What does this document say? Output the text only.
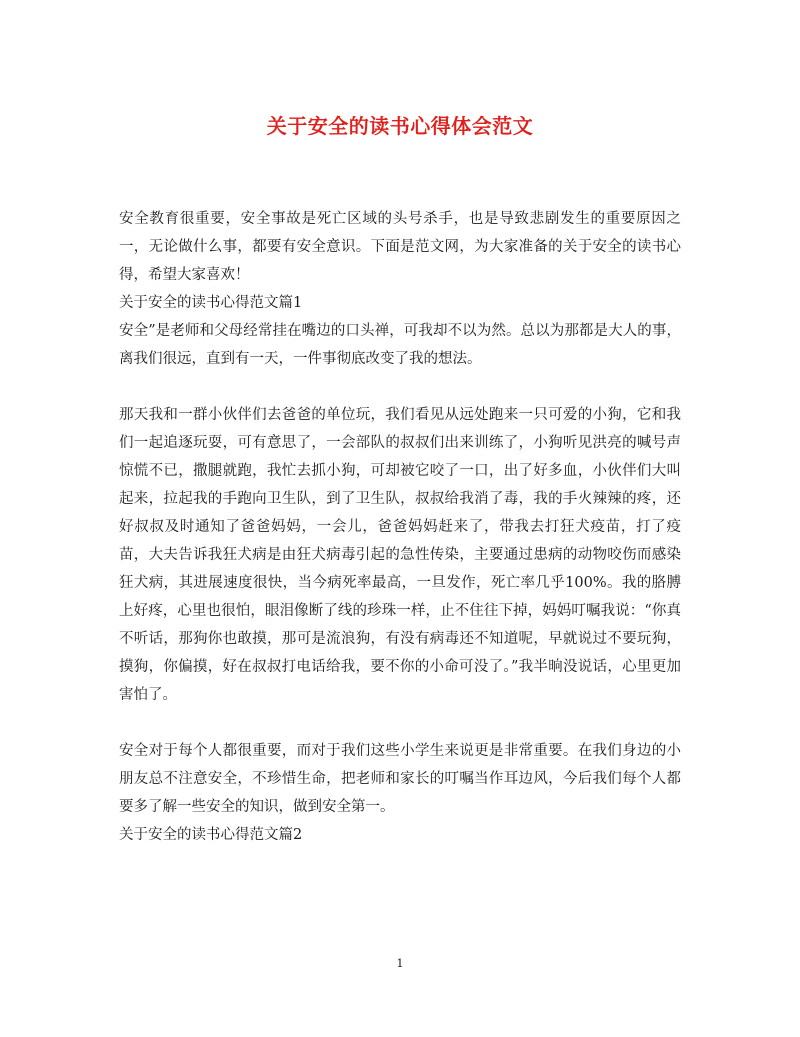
关于安全的读书心得体会范文

安全教育很重要，安全事故是死亡区域的头号杀手，也是导致悲剧发生的重要原因之一，无论做什么事，都要有安全意识。下面是范文网，为大家准备的关于安全的读书心得，希望大家喜欢！

关于安全的读书心得范文篇1

安全”是老师和父母经常挂在嘴边的口头禅，可我却不以为然。总以为那都是大人的事，离我们很远，直到有一天，一件事彻底改变了我的想法。

那天我和一群小伙伴们去爸爸的单位玩，我们看见从远处跑来一只可爱的小狗，它和我们一起追逐玩耍，可有意思了，一会部队的叔叔们出来训练了，小狗听见洪亮的喊号声惊慌不已，撒腿就跑，我忙去抓小狗，可却被它咬了一口，出了好多血，小伙伴们大叫起来，拉起我的手跑向卫生队，到了卫生队，叔叔给我消了毒，我的手火辣辣的疼，还好叔叔及时通知了爸爸妈妈，一会儿，爸爸妈妈赶来了，带我去打狂犬疫苗，打了疫苗，大夫告诉我狂犬病是由狂犬病毒引起的急性传染，主要通过患病的动物咬伤而感染狂犬病，其进展速度很快，当今病死率最高，一旦发作，死亡率几乎100%。我的胳膊上好疼，心里也很怕，眼泪像断了线的珍珠一样，止不住往下掉，妈妈叮嘱我说：“你真不听话，那狗你也敢摸，那可是流浪狗，有没有病毒还不知道呢，早就说过不要玩狗，摸狗，你偏摸，好在叔叔打电话给我，要不你的小命可没了。”我半晌没说话，心里更加害怕了。

安全对于每个人都很重要，而对于我们这些小学生来说更是非常重要。在我们身边的小朋友总不注意安全，不珍惜生命，把老师和家长的叮嘱当作耳边风，今后我们每个人都要多了解一些安全的知识，做到安全第一。

关于安全的读书心得范文篇2

1
